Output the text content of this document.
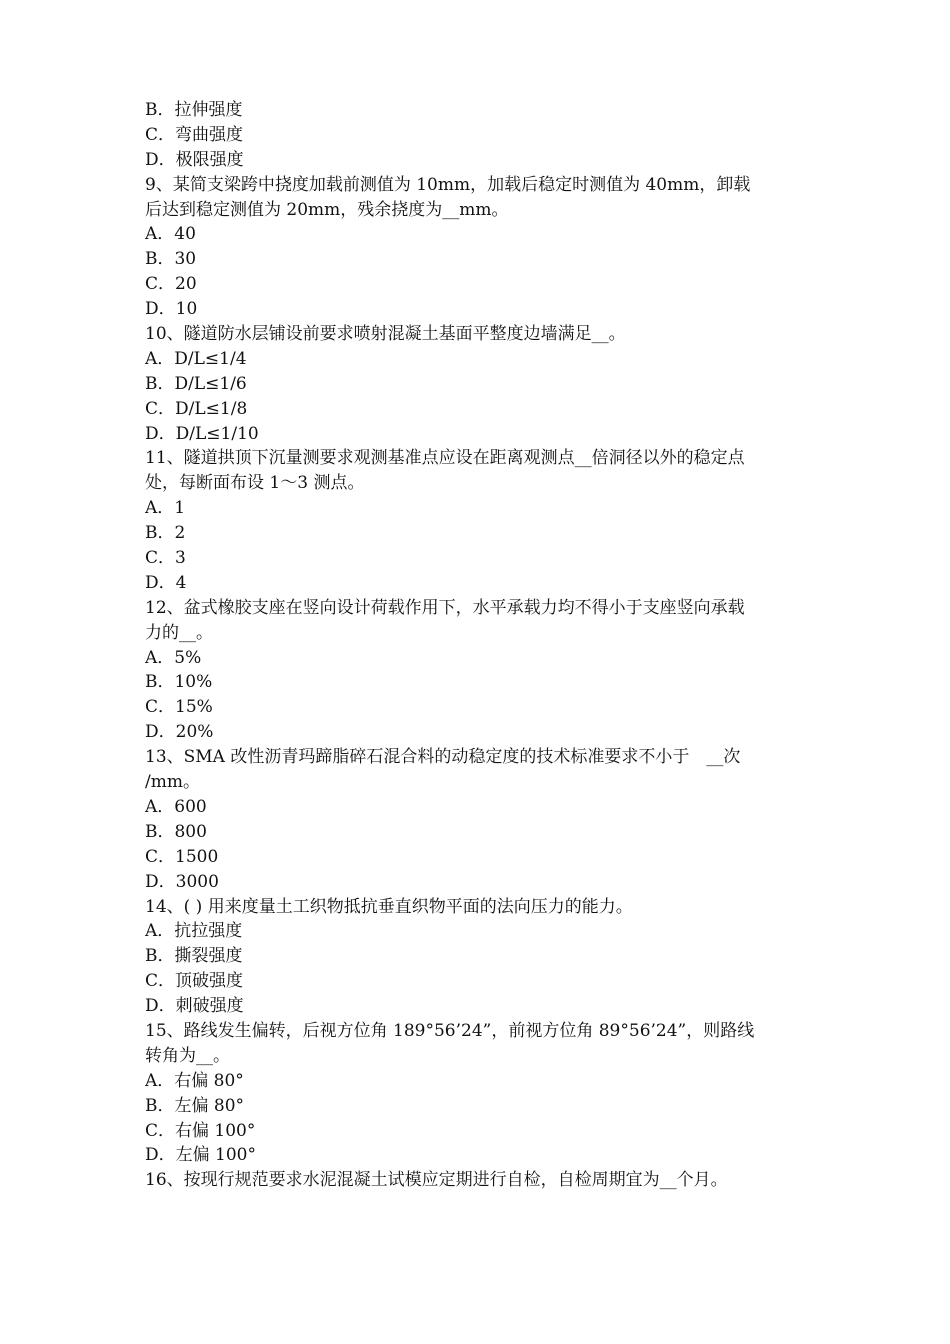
B．拉伸强度
C．弯曲强度
D．极限强度
9、某简支梁跨中挠度加载前测值为 10mm，加载后稳定时测值为 40mm，卸载
后达到稳定测值为 20mm，残余挠度为__mm。
A．40
B．30
C．20
D．10
10、隧道防水层铺设前要求喷射混凝土基面平整度边墙满足__。
A．D/L≤1/4
B．D/L≤1/6
C．D/L≤1/8
D．D/L≤1/10
11、隧道拱顶下沉量测要求观测基准点应设在距离观测点__倍洞径以外的稳定点
处，每断面布设 1～3 测点。
A．1
B．2
C．3
D．4
12、盆式橡胶支座在竖向设计荷载作用下，水平承载力均不得小于支座竖向承载
力的__。
A．5%
B．10%
C．15%
D．20%
13、SMA 改性沥青玛蹄脂碎石混合料的动稳定度的技术标准要求不小于　__次
/mm。
A．600
B．800
C．1500
D．3000
14、( ) 用来度量土工织物抵抗垂直织物平面的法向压力的能力。
A．抗拉强度
B．撕裂强度
C．顶破强度
D．刺破强度
15、路线发生偏转，后视方位角 189°56’24”，前视方位角 89°56’24”，则路线
转角为__。
A．右偏 80°
B．左偏 80°
C．右偏 100°
D．左偏 100°
16、按现行规范要求水泥混凝土试模应定期进行自检，自检周期宜为__个月。
